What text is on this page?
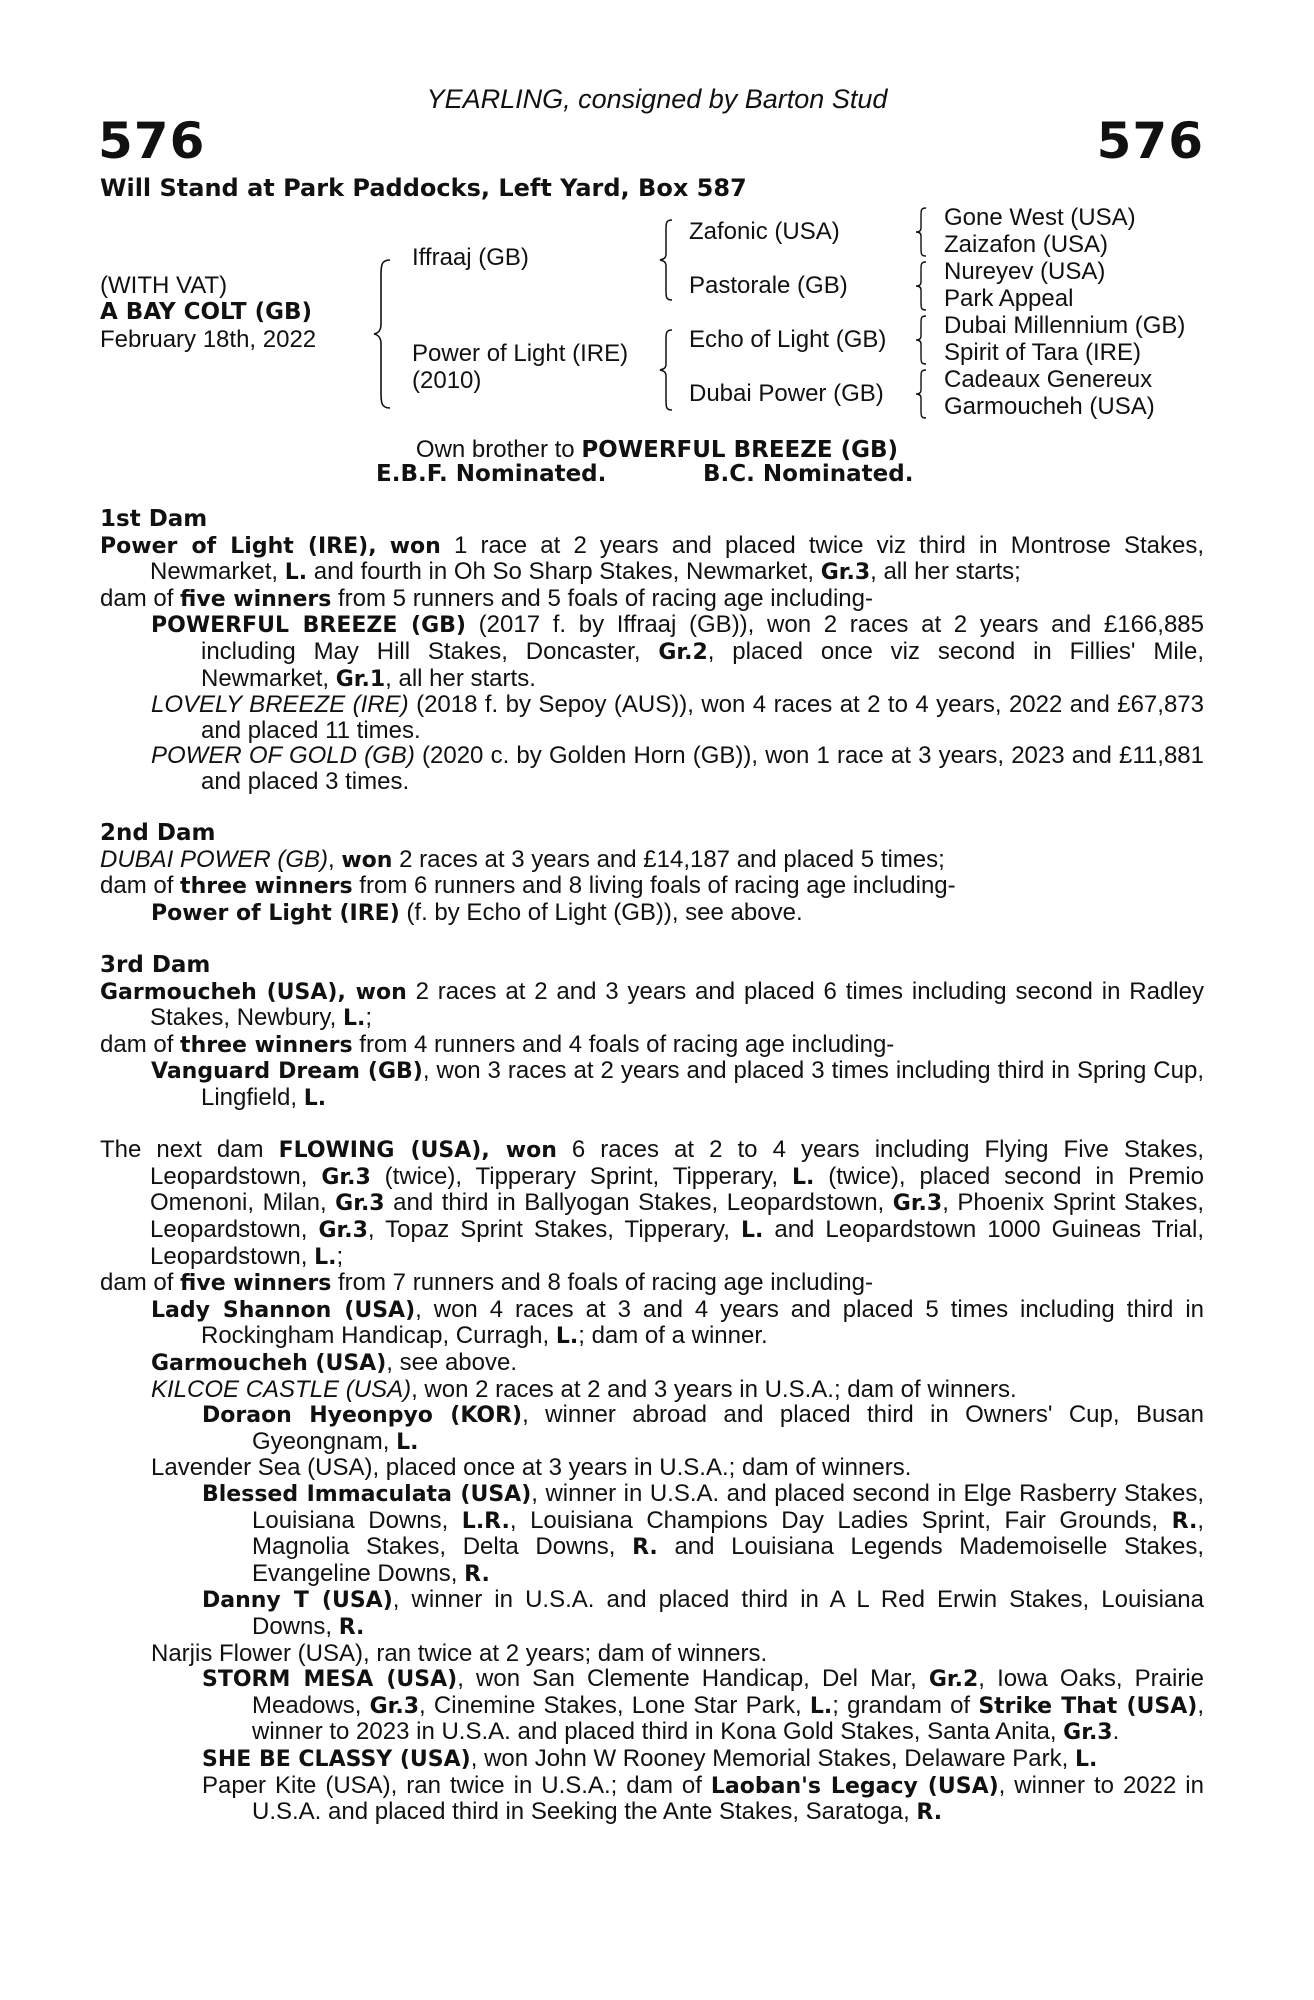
YEARLING, consigned by Barton Stud
576	576
Will Stand at Park Paddocks, Left Yard, Box 587
(WITH VAT)
A BAY COLT (GB)
February 18th, 2022
Iffraaj (GB)
Power of Light (IRE)
(2010)
Zafonic (USA)
Pastorale (GB)
Echo of Light (GB)
Dubai Power (GB)
Gone West (USA)
Zaizafon (USA)
Nureyev (USA)
Park Appeal
Dubai Millennium (GB)
Spirit of Tara (IRE)
Cadeaux Genereux
Garmoucheh (USA)
Own brother to POWERFUL BREEZE (GB)
E.B.F. Nominated.	B.C. Nominated.

1st Dam

Power of Light (IRE), won 1 race at 2 years and placed twice viz third in Montrose Stakes, Newmarket, L. and fourth in Oh So Sharp Stakes, Newmarket, Gr.3, all her starts;

dam of five winners from 5 runners and 5 foals of racing age including-

POWERFUL BREEZE (GB) (2017 f. by Iffraaj (GB)), won 2 races at 2 years and £166,885 including May Hill Stakes, Doncaster, Gr.2, placed once viz second in Fillies' Mile, Newmarket, Gr.1, all her starts.

LOVELY BREEZE (IRE) (2018 f. by Sepoy (AUS)), won 4 races at 2 to 4 years, 2022 and £67,873 and placed 11 times.

POWER OF GOLD (GB) (2020 c. by Golden Horn (GB)), won 1 race at 3 years, 2023 and £11,881 and placed 3 times.

2nd Dam

DUBAI POWER (GB), won 2 races at 3 years and £14,187 and placed 5 times;

dam of three winners from 6 runners and 8 living foals of racing age including-

Power of Light (IRE) (f. by Echo of Light (GB)), see above.

3rd Dam

Garmoucheh (USA), won 2 races at 2 and 3 years and placed 6 times including second in Radley Stakes, Newbury, L.;

dam of three winners from 4 runners and 4 foals of racing age including-

Vanguard Dream (GB), won 3 races at 2 years and placed 3 times including third in Spring Cup, Lingfield, L.

The next dam FLOWING (USA), won 6 races at 2 to 4 years including Flying Five Stakes, Leopardstown, Gr.3 (twice), Tipperary Sprint, Tipperary, L. (twice), placed second in Premio Omenoni, Milan, Gr.3 and third in Ballyogan Stakes, Leopardstown, Gr.3, Phoenix Sprint Stakes, Leopardstown, Gr.3, Topaz Sprint Stakes, Tipperary, L. and Leopardstown 1000 Guineas Trial, Leopardstown, L.;

dam of five winners from 7 runners and 8 foals of racing age including-

Lady Shannon (USA), won 4 races at 3 and 4 years and placed 5 times including third in Rockingham Handicap, Curragh, L.; dam of a winner.

Garmoucheh (USA), see above.

KILCOE CASTLE (USA), won 2 races at 2 and 3 years in U.S.A.; dam of winners.

Doraon Hyeonpyo (KOR), winner abroad and placed third in Owners' Cup, Busan Gyeongnam, L.

Lavender Sea (USA), placed once at 3 years in U.S.A.; dam of winners.

Blessed Immaculata (USA), winner in U.S.A. and placed second in Elge Rasberry Stakes, Louisiana Downs, L.R., Louisiana Champions Day Ladies Sprint, Fair Grounds, R., Magnolia Stakes, Delta Downs, R. and Louisiana Legends Mademoiselle Stakes, Evangeline Downs, R.

Danny T (USA), winner in U.S.A. and placed third in A L Red Erwin Stakes, Louisiana Downs, R.

Narjis Flower (USA), ran twice at 2 years; dam of winners.

STORM MESA (USA), won San Clemente Handicap, Del Mar, Gr.2, Iowa Oaks, Prairie Meadows, Gr.3, Cinemine Stakes, Lone Star Park, L.; grandam of Strike That (USA), winner to 2023 in U.S.A. and placed third in Kona Gold Stakes, Santa Anita, Gr.3.

SHE BE CLASSY (USA), won John W Rooney Memorial Stakes, Delaware Park, L.

Paper Kite (USA), ran twice in U.S.A.; dam of Laoban's Legacy (USA), winner to 2022 in U.S.A. and placed third in Seeking the Ante Stakes, Saratoga, R.
